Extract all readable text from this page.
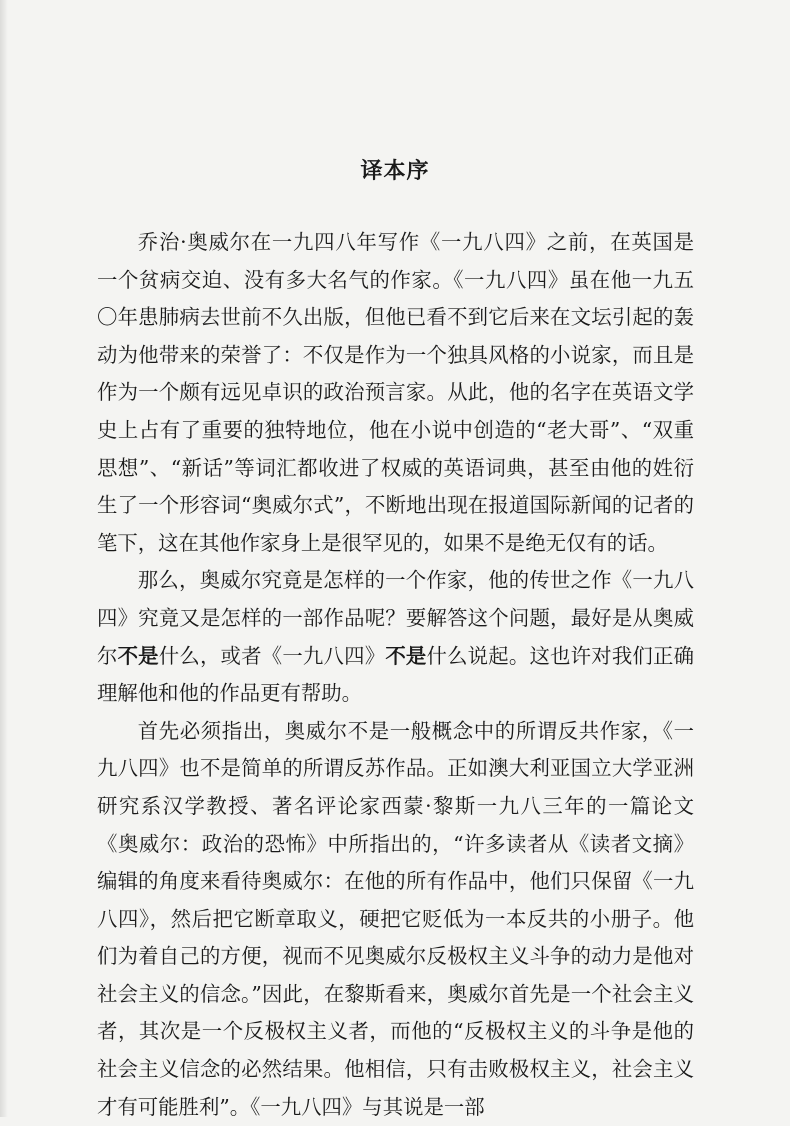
译本序

乔治·奥威尔在一九四八年写作《一九八四》之前，在英国是一个贫病交迫、没有多大名气的作家。《一九八四》虽在他一九五〇年患肺病去世前不久出版，但他已看不到它后来在文坛引起的轰动为他带来的荣誉了：不仅是作为一个独具风格的小说家，而且是作为一个颇有远见卓识的政治预言家。从此，他的名字在英语文学史上占有了重要的独特地位，他在小说中创造的“老大哥”、“双重思想”、“新话”等词汇都收进了权威的英语词典，甚至由他的姓衍生了一个形容词“奥威尔式”，不断地出现在报道国际新闻的记者的笔下，这在其他作家身上是很罕见的，如果不是绝无仅有的话。

那么，奥威尔究竟是怎样的一个作家，他的传世之作《一九八四》究竟又是怎样的一部作品呢？要解答这个问题，最好是从奥威尔不是什么，或者《一九八四》不是什么说起。这也许对我们正确理解他和他的作品更有帮助。

首先必须指出，奥威尔不是一般概念中的所谓反共作家，《一九八四》也不是简单的所谓反苏作品。正如澳大利亚国立大学亚洲研究系汉学教授、著名评论家西蒙·黎斯一九八三年的一篇论文《奥威尔：政治的恐怖》中所指出的，“许多读者从《读者文摘》编辑的角度来看待奥威尔：在他的所有作品中，他们只保留《一九八四》，然后把它断章取义，硬把它贬低为一本反共的小册子。他们为着自己的方便，视而不见奥威尔反极权主义斗争的动力是他对社会主义的信念。”因此，在黎斯看来，奥威尔首先是一个社会主义者，其次是一个反极权主义者，而他的“反极权主义的斗争是他的社会主义信念的必然结果。他相信，只有击败极权主义，社会主义才有可能胜利”。《一九八四》与其说是一部
